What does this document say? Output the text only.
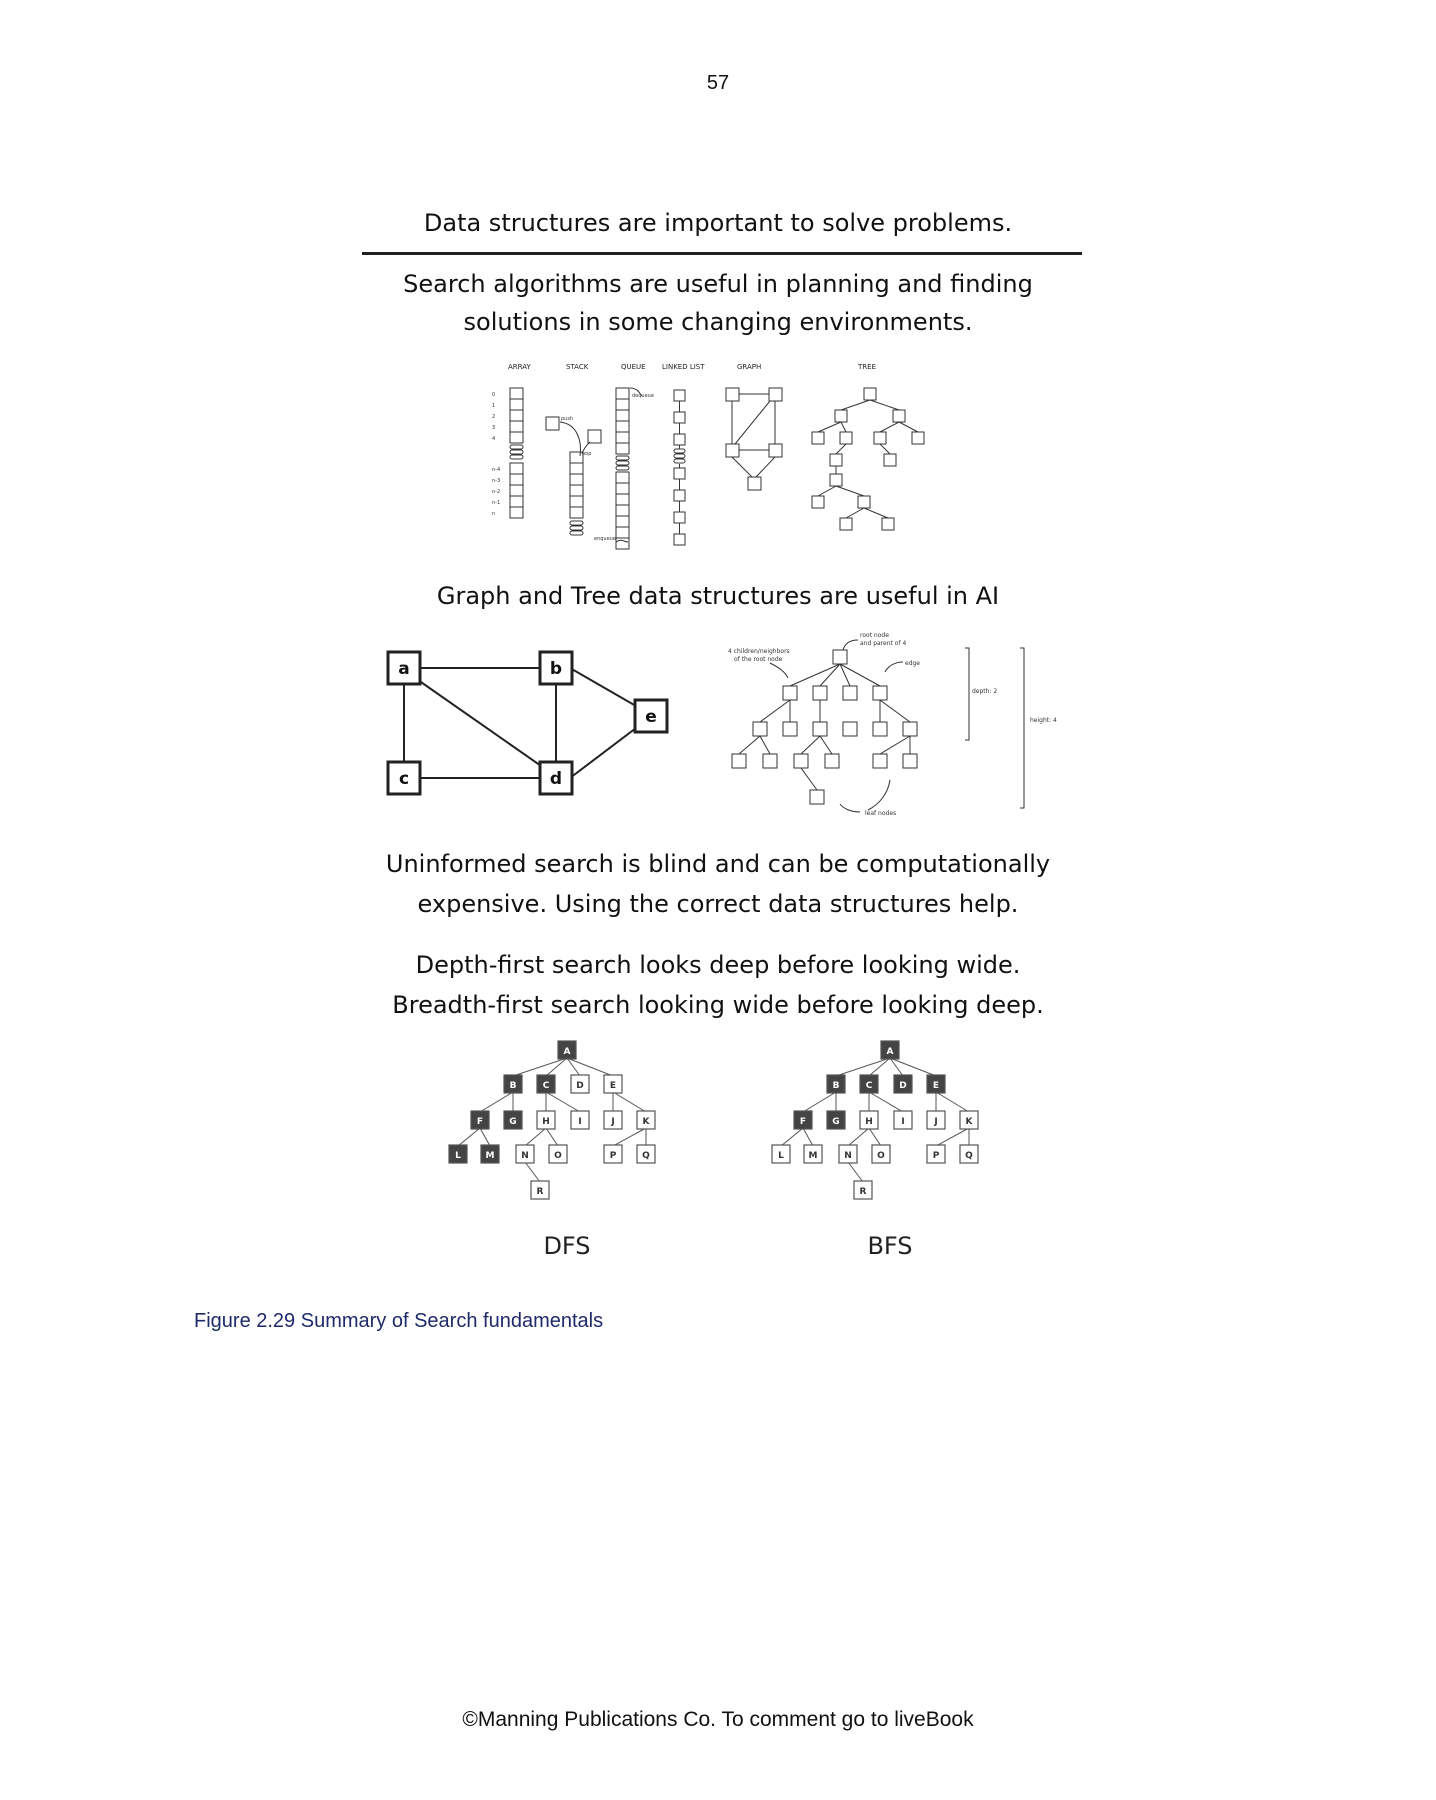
57
Data structures are important to solve problems.
Search algorithms are useful in planning and finding
solutions in some changing environments.
ARRAY	STACK	QUEUE LINKED LIST	GRAPH	TREE
0
1
2
3
4
n-4
n-3
n-2
n-1
n
push
pop
dequeue
enqueue
Graph and Tree data structures are useful in AI
a	b
c	d
e
root node
and parent of 4
4 children/neighbors
of the root node
edge
depth: 2
height: 4
leaf nodes
Uninformed search is blind and can be computationally
expensive. Using the correct data structures help.
Depth-first search looks deep before looking wide.
Breadth-first search looking wide before looking deep.
A
B	C	D	E
F	G	H	I	J	K
L	M	N	O	P	Q
R
A
B	C	D	E
F	G	H	I	J	K
L	M	N	O	P	Q
R
DFS	BFS
Figure 2.29 Summary of Search fundamentals
©Manning Publications Co. To comment go to liveBook
